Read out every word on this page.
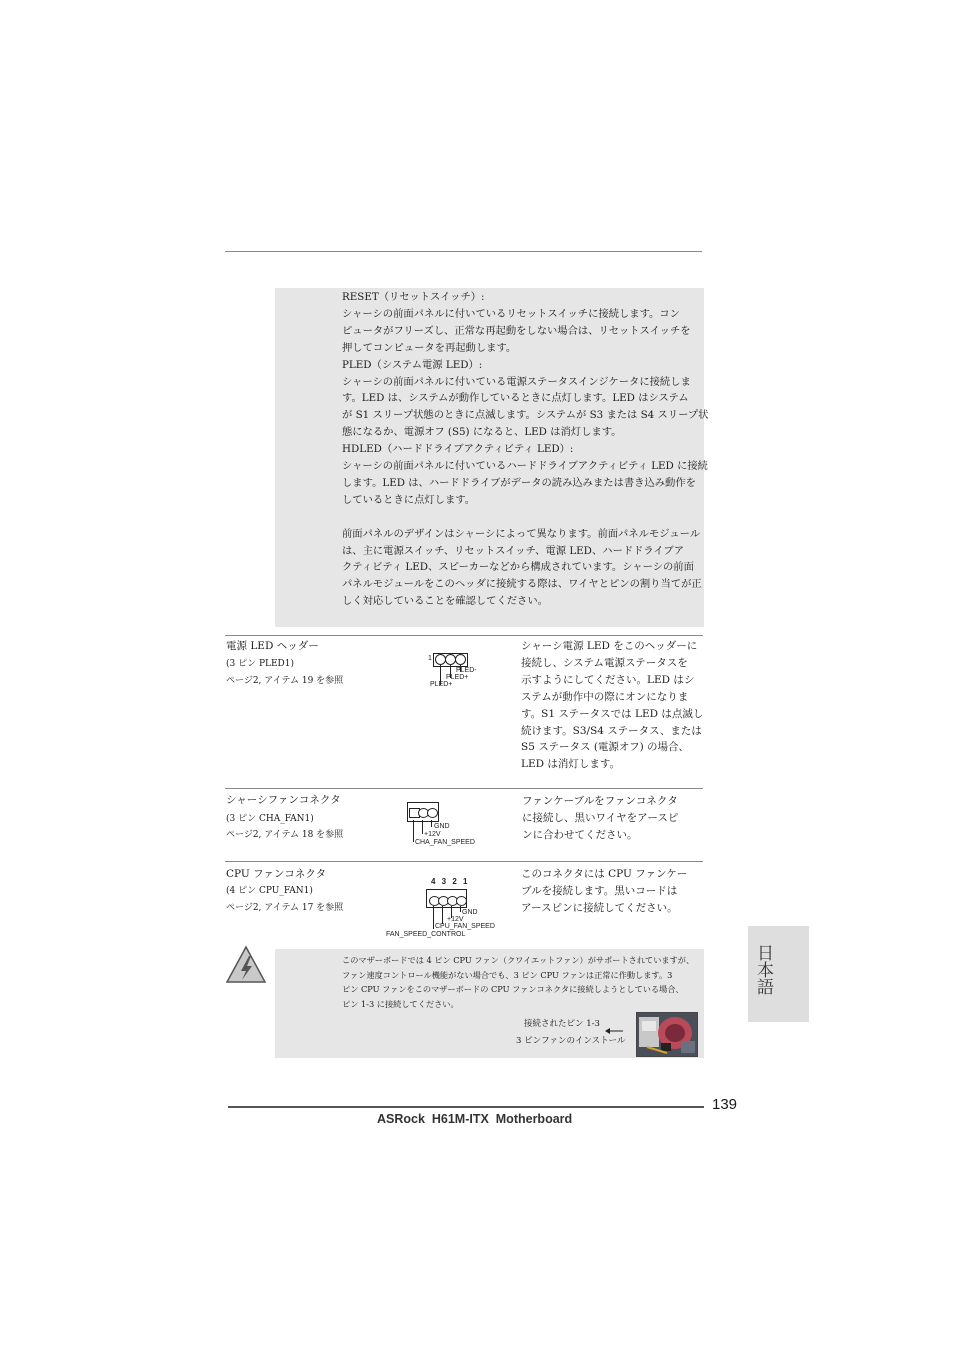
RESET（リセットスイッチ）:
シャーシの前面パネルに付いているリセットスイッチに接続します。コン
ピュータがフリーズし、正常な再起動をしない場合は、リセットスイッチを
押してコンピュータを再起動します。
PLED（システム電源 LED）:
シャーシの前面パネルに付いている電源ステータスインジケータに接続しま
す。LED は、システムが動作しているときに点灯します。LED はシステム
が S1 スリープ状態のときに点滅します。システムが S3 または S4 スリープ状
態になるか、電源オフ (S5) になると、LED は消灯します。
HDLED（ハードドライブアクティビティ LED）:
シャーシの前面パネルに付いているハードドライブアクティビティ LED に接続
します。LED は、ハードドライブがデータの読み込みまたは書き込み動作を
しているときに点灯します。
前面パネルのデザインはシャーシによって異なります。前面パネルモジュール
は、主に電源スイッチ、リセットスイッチ、電源 LED、ハードドライブア
クティビティ LED、スピーカーなどから構成されています。シャーシの前面
パネルモジュールをこのヘッダに接続する際は、ワイヤとピンの割り当てが正
しく対応していることを確認してください。
電源 LED ヘッダー
(3 ピン PLED1)
ページ2, アイテム 19 を参照
1
PLED-
PLED+
PLED+
シャーシ電源 LED をこのヘッダーに
接続し、システム電源ステータスを
示すようにしてください。LED はシ
ステムが動作中の際にオンになりま
す。S1 ステータスでは LED は点滅し
続けます。S3/S4 ステータス、または
S5 ステータス (電源オフ) の場合、
LED は消灯します。
シャーシファンコネクタ
(3 ピン CHA_FAN1)
ページ2, アイテム 18 を参照
GND
+12V
CHA_FAN_SPEED
ファンケーブルをファンコネクタ
に接続し、黒いワイヤをアースピ
ンに合わせてください。
CPU ファンコネクタ
(4 ピン CPU_FAN1)
ページ2, アイテム 17 を参照
4 3 2 1
GND
+12V
CPU_FAN_SPEED
FAN_SPEED_CONTROL
このコネクタには CPU ファンケー
ブルを接続します。黒いコードは
アースピンに接続してください。
このマザーボードでは 4 ピン CPU ファン（クワイエットファン）がサポートされていますが、
ファン速度コントロール機能がない場合でも、3 ピン CPU ファンは正常に作動します。3
ピン CPU ファンをこのマザーボードの CPU ファンコネクタに接続しようとしている場合、
ピン 1-3 に接続してください。
接続されたピン 1-3
3 ピンファンのインストール
日本語
139
ASRock  H61M-ITX  Motherboard
